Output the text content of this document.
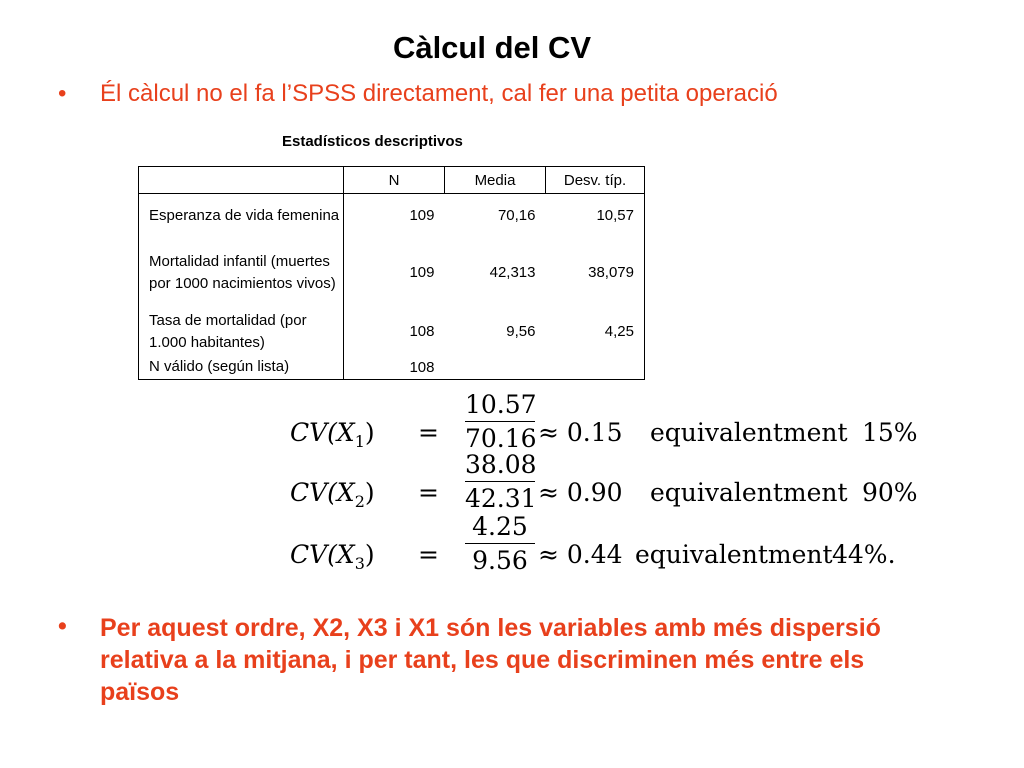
Càlcul del CV
• Él càlcul no el fa l’SPSS directament, cal fer una petita operació
Estadísticos descriptivos
	N	Media	Desv. típ.
Esperanza de vida femenina	109	70,16	10,57
Mortalidad infantil (muertes por 1000 nacimientos vivos)	109	42,313	38,079
Tasa de mortalidad (por 1.000 habitantes)	108	9,56	4,25
N válido (según lista)	108		
$CV(X_1) = \frac{10.57}{70.16} \approx 0.15$ equivalentment 15%
$CV(X_2) = \frac{38.08}{42.31} \approx 0.90$ equivalentment 90%
$CV(X_3) = \frac{4.25}{9.56} \approx 0.44$ equivalentment 44%.
• Per aquest ordre, X2, X3 i X1 són les variables amb més dispersió relativa a la mitjana, i per tant, les que discriminen més entre els països
